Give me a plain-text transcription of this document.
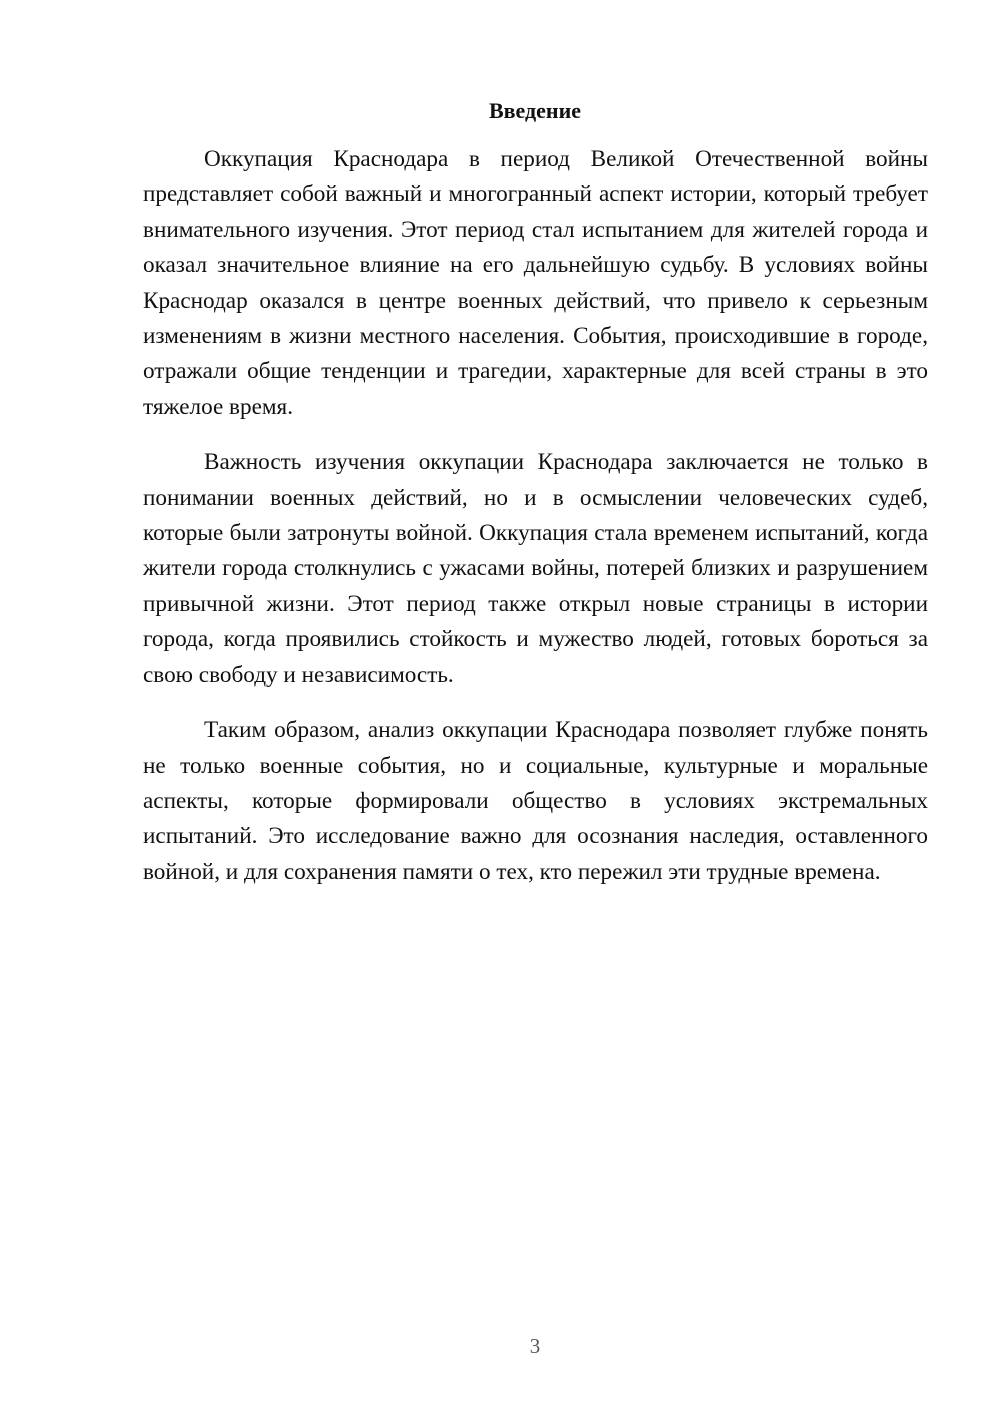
Введение

Оккупация Краснодара в период Великой Отечественной войны представляет собой важный и многогранный аспект истории, который требует внимательного изучения. Этот период стал испытанием для жителей города и оказал значительное влияние на его дальнейшую судьбу. В условиях войны Краснодар оказался в центре военных действий, что привело к серьезным изменениям в жизни местного населения. События, происходившие в городе, отражали общие тенденции и трагедии, характерные для всей страны в это тяжелое время.

Важность изучения оккупации Краснодара заключается не только в понимании военных действий, но и в осмыслении человеческих судеб, которые были затронуты войной. Оккупация стала временем испытаний, когда жители города столкнулись с ужасами войны, потерей близких и разрушением привычной жизни. Этот период также открыл новые страницы в истории города, когда проявились стойкость и мужество людей, готовых бороться за свою свободу и независимость.

Таким образом, анализ оккупации Краснодара позволяет глубже понять не только военные события, но и социальные, культурные и моральные аспекты, которые формировали общество в условиях экстремальных испытаний. Это исследование важно для осознания наследия, оставленного войной, и для сохранения памяти о тех, кто пережил эти трудные времена.

3
